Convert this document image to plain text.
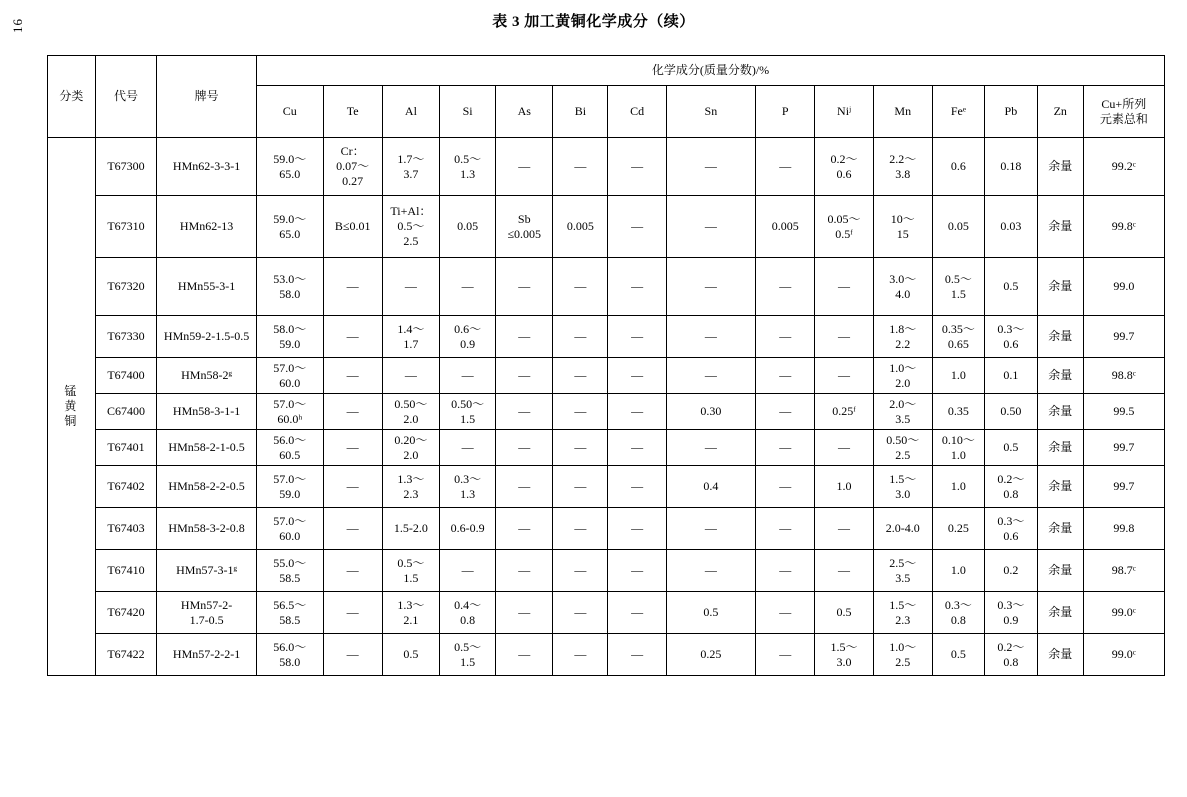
16	表 3 加工黄铜化学成分（续）
分类	代号	牌号	化学成分(质量分数)/%														
			Cu	Te	Al	Si	As	Bi	Cd	Sn	P	Niʲ	Mn	Feᵉ	Pb	Zn	Cu+所列
元素总和

锰
黄
铜	T67300	HMn62-3-3-1	59.0～
65.0	Cr：
0.07～
0.27	1.7～
3.7	0.5～
1.3	—	—	—	—	—	0.2～
0.6	2.2～
3.8	0.6	0.18	余量	99.2ᶜ
	T67310	HMn62-13	59.0～
65.0	B≤0.01	Ti+Al：
0.5～
2.5	0.05	Sb
≤0.005	0.005	—	—	0.005	0.05～
0.5ᶠ	10～
15	0.05	0.03	余量	99.8ᶜ
	T67320	HMn55-3-1	53.0～
58.0	—	—	—	—	—	—	—	—	—	3.0～
4.0	0.5～
1.5	0.5	余量	99.0
	T67330	HMn59-2-1.5-0.5	58.0～
59.0	—	1.4～
1.7	0.6～
0.9	—	—	—	—	—	—	1.8～
2.2	0.35～
0.65	0.3～
0.6	余量	99.7
	T67400	HMn58-2ᵍ	57.0～
60.0	—	—	—	—	—	—	—	—	—	1.0～
2.0	1.0	0.1	余量	98.8ᶜ
	C67400	HMn58-3-1-1	57.0～
60.0ʰ	—	0.50～
2.0	0.50～
1.5	—	—	—	0.30	—	0.25ᶠ	2.0～
3.5	0.35	0.50	余量	99.5
	T67401	HMn58-2-1-0.5	56.0～
60.5	—	0.20～
2.0	—	—	—	—	—	—	—	0.50～
2.5	0.10～
1.0	0.5	余量	99.7
	T67402	HMn58-2-2-0.5	57.0～
59.0	—	1.3～
2.3	0.3～
1.3	—	—	—	0.4	—	1.0	1.5～
3.0	1.0	0.2～
0.8	余量	99.7
	T67403	HMn58-3-2-0.8	57.0～
60.0	—	1.5-2.0	0.6-0.9	—	—	—	—	—	—	2.0-4.0	0.25	0.3～
0.6	余量	99.8
	T67410	HMn57-3-1ᵍ	55.0～
58.5	—	0.5～
1.5	—	—	—	—	—	—	—	2.5～
3.5	1.0	0.2	余量	98.7ᶜ
	T67420	HMn57-2-
1.7-0.5	56.5～
58.5	—	1.3～
2.1	0.4～
0.8	—	—	—	0.5	—	0.5	1.5～
2.3	0.3～
0.8	0.3～
0.9	余量	99.0ᶜ
	T67422	HMn57-2-2-1	56.0～
58.0	—	0.5	0.5～
1.5	—	—	—	0.25	—	1.5～
3.0	1.0～
2.5	0.5	0.2～
0.8	余量	99.0ᶜ
